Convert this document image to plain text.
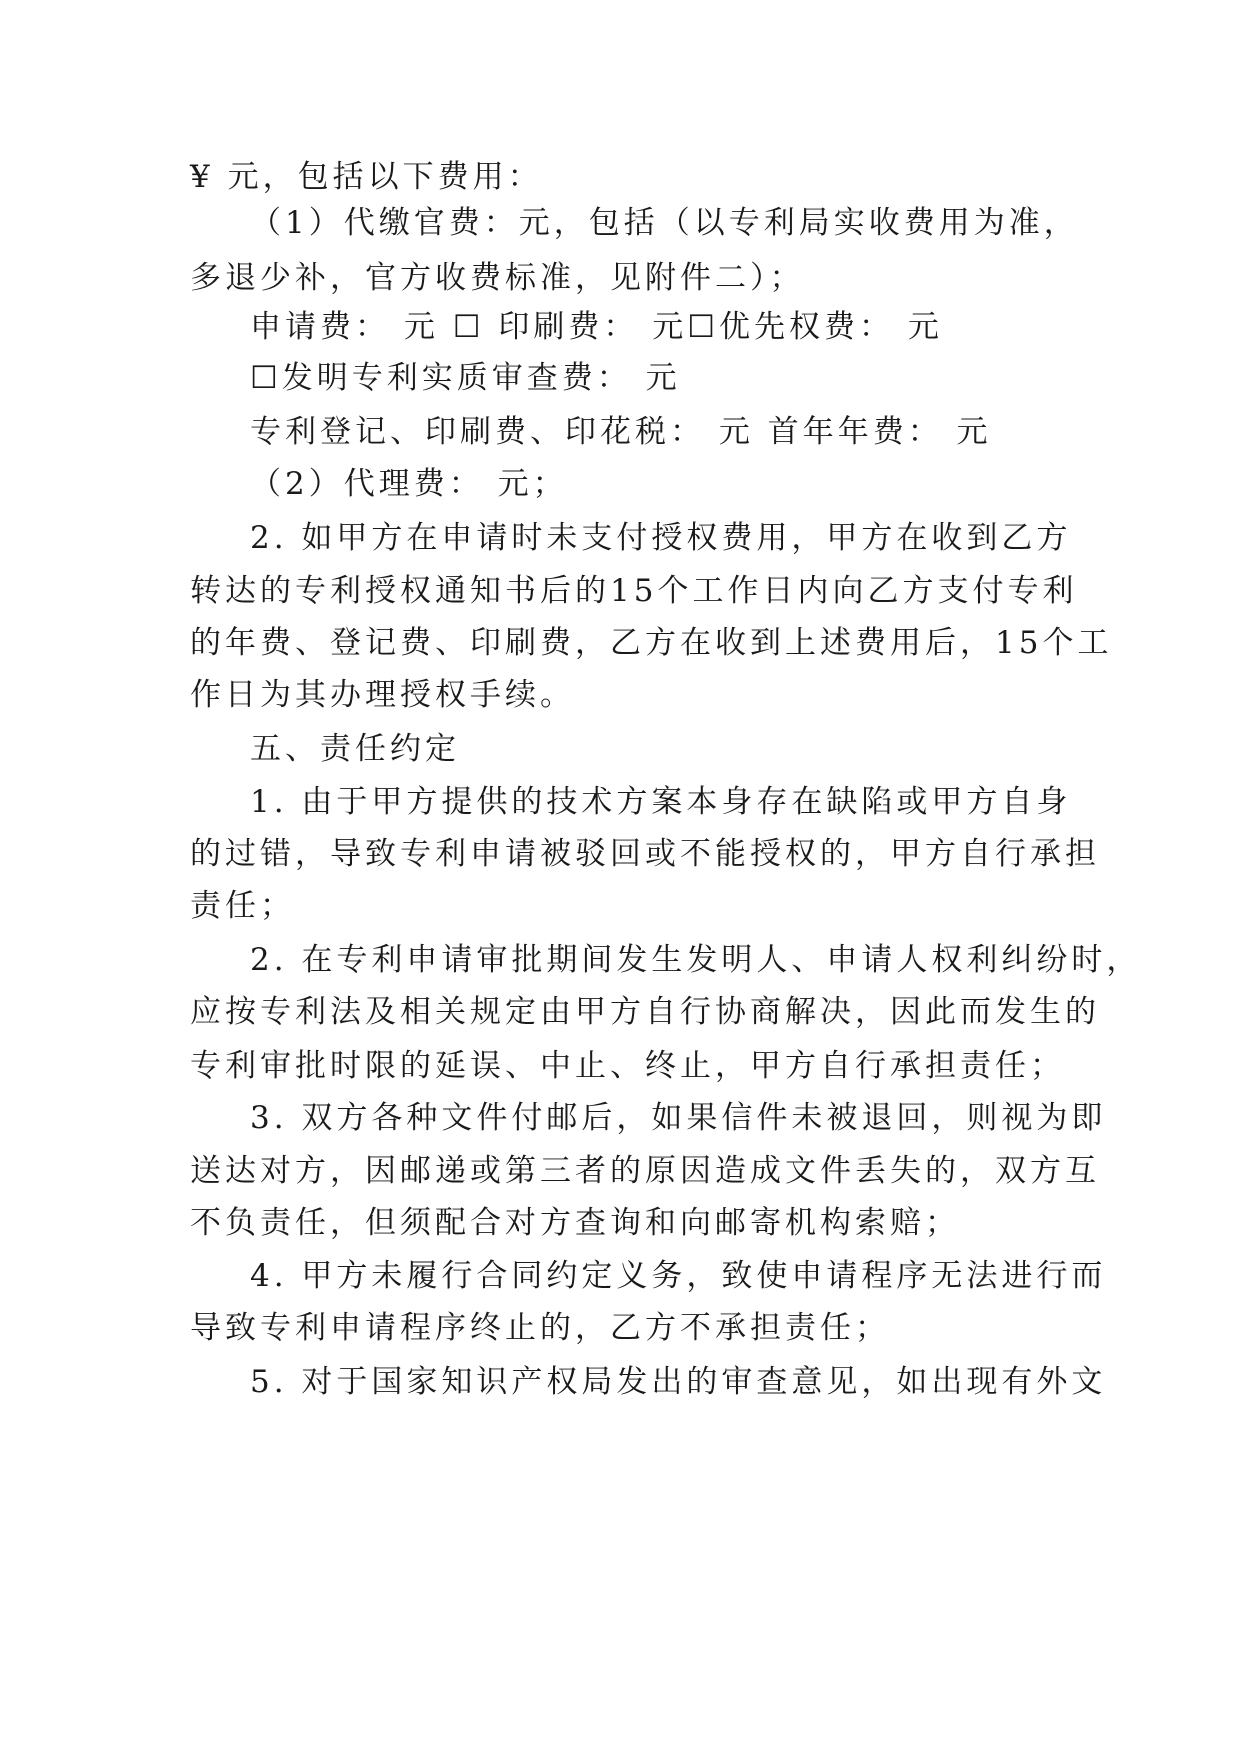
¥ 元，包括以下费用：
（1）代缴官费：元，包括（以专利局实收费用为准，
多退少补，官方收费标准，见附件二）；
申请费： 元 ☐ 印刷费： 元☐优先权费： 元
☐发明专利实质审查费： 元
专利登记、印刷费、印花税： 元 首年年费： 元
（2）代理费： 元；
2. 如甲方在申请时未支付授权费用，甲方在收到乙方
转达的专利授权通知书后的15个工作日内向乙方支付专利
的年费、登记费、印刷费，乙方在收到上述费用后，15个工
作日为其办理授权手续。
五、责任约定
1. 由于甲方提供的技术方案本身存在缺陷或甲方自身
的过错，导致专利申请被驳回或不能授权的，甲方自行承担
责任；
2. 在专利申请审批期间发生发明人、申请人权利纠纷时，
应按专利法及相关规定由甲方自行协商解决，因此而发生的
专利审批时限的延误、中止、终止，甲方自行承担责任；
3. 双方各种文件付邮后，如果信件未被退回，则视为即
送达对方，因邮递或第三者的原因造成文件丢失的，双方互
不负责任，但须配合对方查询和向邮寄机构索赔；
4. 甲方未履行合同约定义务，致使申请程序无法进行而
导致专利申请程序终止的，乙方不承担责任；
5. 对于国家知识产权局发出的审查意见，如出现有外文
